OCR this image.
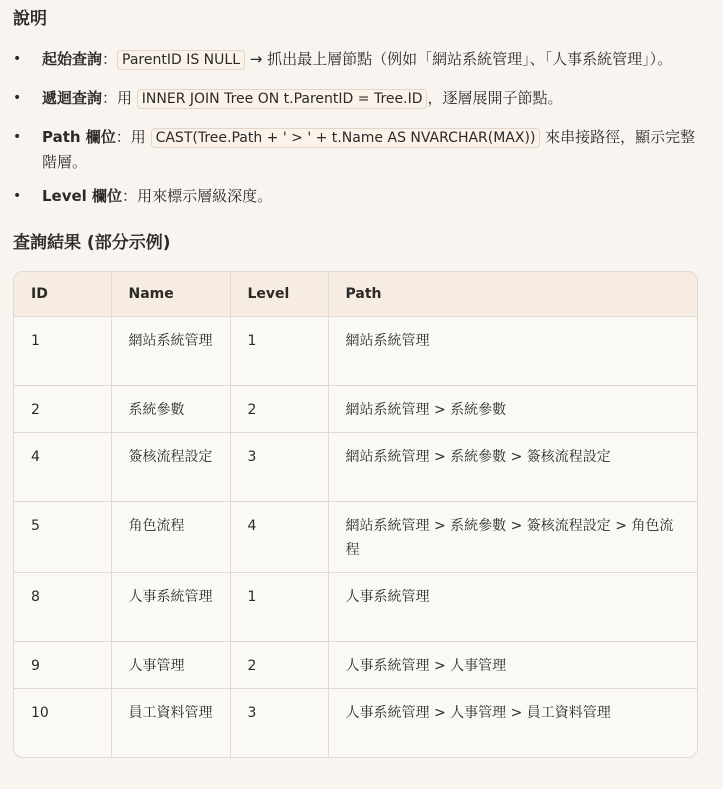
說明
• 起始查詢： ParentID IS NULL → 抓出最上層節點（例如「網站系統管理」、「人事系統管理」）。
• 遞迴查詢：用 INNER JOIN Tree ON t.ParentID = Tree.ID ，逐層展開子節點。
• Path 欄位：用 CAST(Tree.Path + ' > ' + t.Name AS NVARCHAR(MAX)) 來串接路徑，顯示完整階層。
• Level 欄位：用來標示層級深度。
查詢結果 (部分示例)
ID	Name	Level	Path
1	網站系統管理	1	網站系統管理
2	系統參數	2	網站系統管理 > 系統參數
4	簽核流程設定	3	網站系統管理 > 系統參數 > 簽核流程設定
5	角色流程	4	網站系統管理 > 系統參數 > 簽核流程設定 > 角色流程
8	人事系統管理	1	人事系統管理
9	人事管理	2	人事系統管理 > 人事管理
10	員工資料管理	3	人事系統管理 > 人事管理 > 員工資料管理
